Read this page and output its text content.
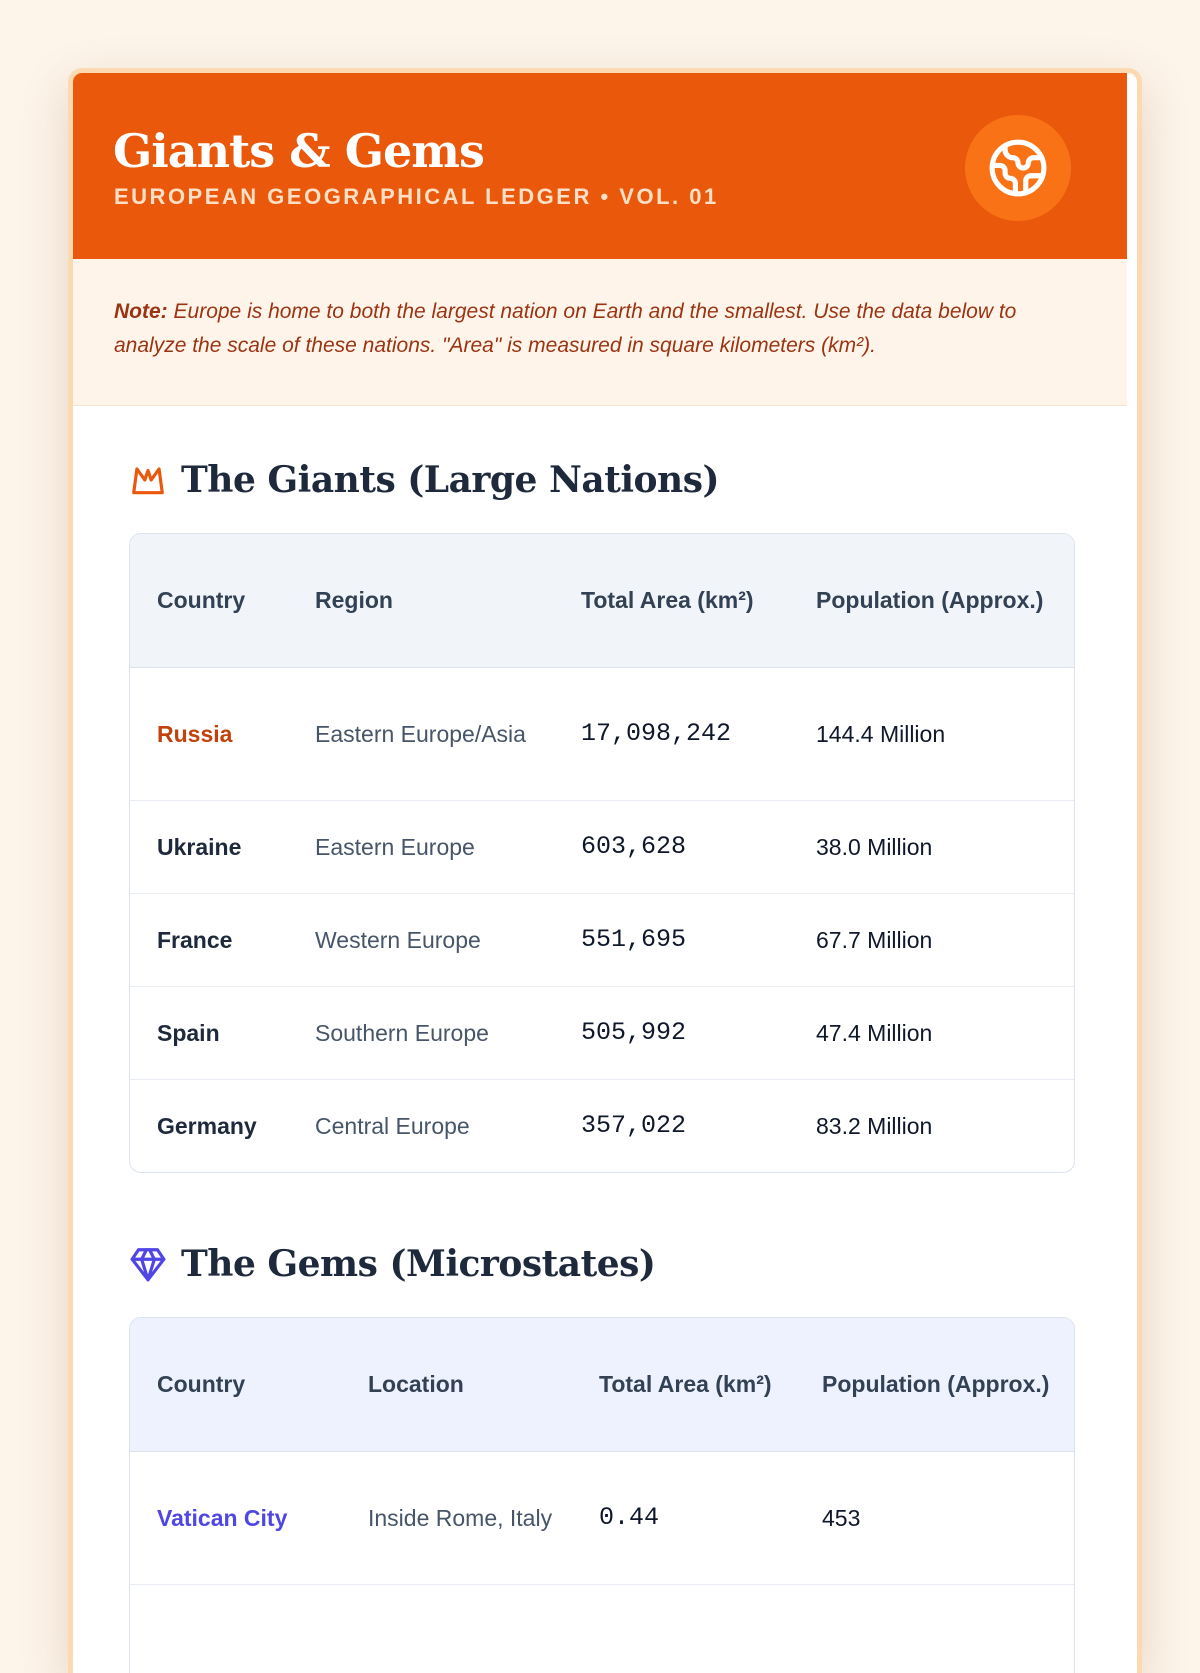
Giants & Gems
EUROPEAN GEOGRAPHICAL LEDGER • VOL. 01
Note: Europe is home to both the largest nation on Earth and the smallest. Use the data below to analyze the scale of these nations. "Area" is measured in square kilometers (km²).
The Giants (Large Nations)
Country	Region	Total Area (km²)	Population (Approx.)
Russia	Eastern Europe/Asia	17,098,242	144.4 Million
Ukraine	Eastern Europe	603,628	38.0 Million
France	Western Europe	551,695	67.7 Million
Spain	Southern Europe	505,992	47.4 Million
Germany	Central Europe	357,022	83.2 Million
The Gems (Microstates)
Country	Location	Total Area (km²)	Population (Approx.)
Vatican City	Inside Rome, Italy	0.44	453
